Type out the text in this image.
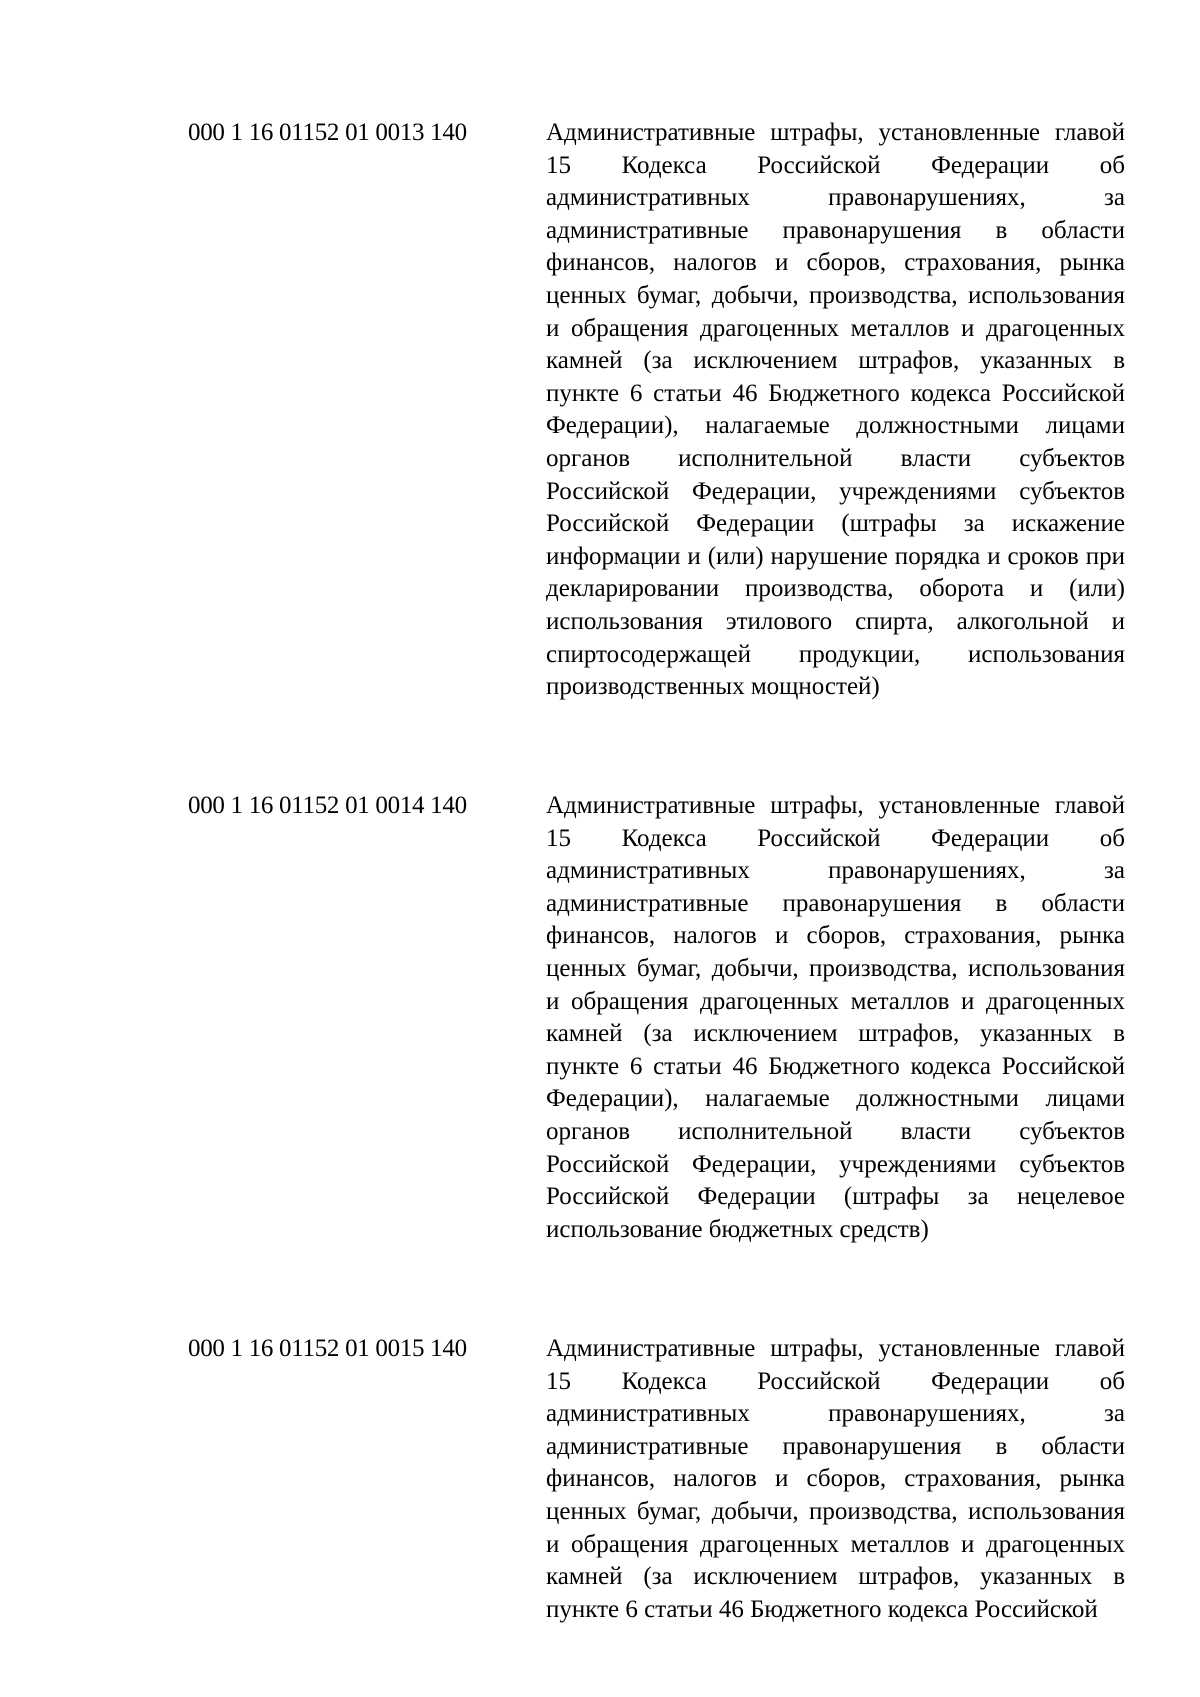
000 1 16 01152 01 0013 140	Административные штрафы, установленные главой 15 Кодекса Российской Федерации об административных правонарушениях, за административные правонарушения в области финансов, налогов и сборов, страхования, рынка ценных бумаг, добычи, производства, использования и обращения драгоценных металлов и драгоценных камней (за исключением штрафов, указанных в пункте 6 статьи 46 Бюджетного кодекса Российской Федерации), налагаемые должностными лицами органов исполнительной власти субъектов Российской Федерации, учреждениями субъектов Российской Федерации (штрафы за искажение информации и (или) нарушение порядка и сроков при декларировании производства, оборота и (или) использования этилового спирта, алкогольной и спиртосодержащей продукции, использования производственных мощностей)
000 1 16 01152 01 0014 140	Административные штрафы, установленные главой 15 Кодекса Российской Федерации об административных правонарушениях, за административные правонарушения в области финансов, налогов и сборов, страхования, рынка ценных бумаг, добычи, производства, использования и обращения драгоценных металлов и драгоценных камней (за исключением штрафов, указанных в пункте 6 статьи 46 Бюджетного кодекса Российской Федерации), налагаемые должностными лицами органов исполнительной власти субъектов Российской Федерации, учреждениями субъектов Российской Федерации (штрафы за нецелевое использование бюджетных средств)
000 1 16 01152 01 0015 140	Административные штрафы, установленные главой 15 Кодекса Российской Федерации об административных правонарушениях, за административные правонарушения в области финансов, налогов и сборов, страхования, рынка ценных бумаг, добычи, производства, использования и обращения драгоценных металлов и драгоценных камней (за исключением штрафов, указанных в пункте 6 статьи 46 Бюджетного кодекса Российской
